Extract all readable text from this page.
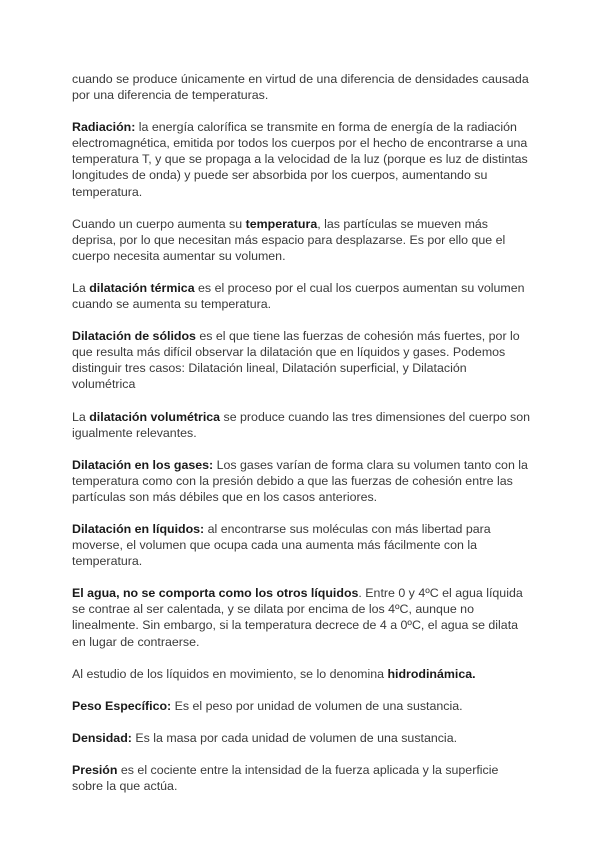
cuando se produce únicamente en virtud de una diferencia de densidades causada por una diferencia de temperaturas.

Radiación: la energía calorífica se transmite en forma de energía de la radiación electromagnética, emitida por todos los cuerpos por el hecho de encontrarse a una temperatura T, y que se propaga a la velocidad de la luz (porque es luz de distintas longitudes de onda) y puede ser absorbida por los cuerpos, aumentando su temperatura.

Cuando un cuerpo aumenta su temperatura, las partículas se mueven más deprisa, por lo que necesitan más espacio para desplazarse. Es por ello que el cuerpo necesita aumentar su volumen.

La dilatación térmica es el proceso por el cual los cuerpos aumentan su volumen cuando se aumenta su temperatura.

Dilatación de sólidos es el que tiene las fuerzas de cohesión más fuertes, por lo que resulta más difícil observar la dilatación que en líquidos y gases. Podemos distinguir tres casos: Dilatación lineal, Dilatación superficial, y Dilatación volumétrica

La dilatación volumétrica se produce cuando las tres dimensiones del cuerpo son igualmente relevantes.

Dilatación en los gases: Los gases varían de forma clara su volumen tanto con la temperatura como con la presión debido a que las fuerzas de cohesión entre las partículas son más débiles que en los casos anteriores.

Dilatación en líquidos: al encontrarse sus moléculas con más libertad para moverse, el volumen que ocupa cada una aumenta más fácilmente con la temperatura.

El agua, no se comporta como los otros líquidos. Entre 0 y 4ºC el agua líquida se contrae al ser calentada, y se dilata por encima de los 4ºC, aunque no linealmente. Sin embargo, si la temperatura decrece de 4 a 0ºC, el agua se dilata en lugar de contraerse.

Al estudio de los líquidos en movimiento, se lo denomina hidrodinámica.

Peso Específico: Es el peso por unidad de volumen de una sustancia.

Densidad: Es la masa por cada unidad de volumen de una sustancia.

Presión es el cociente entre la intensidad de la fuerza aplicada y la superficie sobre la que actúa.
